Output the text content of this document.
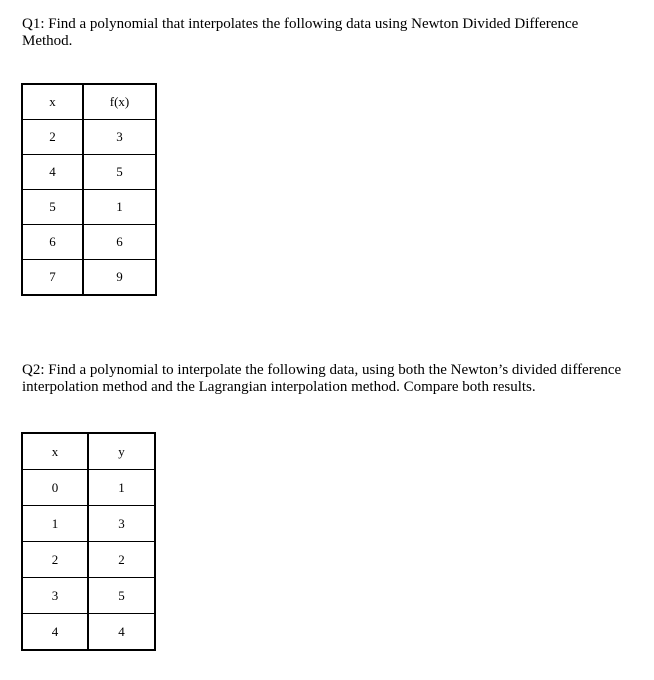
Q1: Find a polynomial that interpolates the following data using Newton Divided Difference Method.

x	f(x)
2	3
4	5
5	1
6	6
7	9

Q2: Find a polynomial to interpolate the following data, using both the Newton’s divided difference interpolation method and the Lagrangian interpolation method. Compare both results.

x	y
0	1
1	3
2	2
3	5
4	4
